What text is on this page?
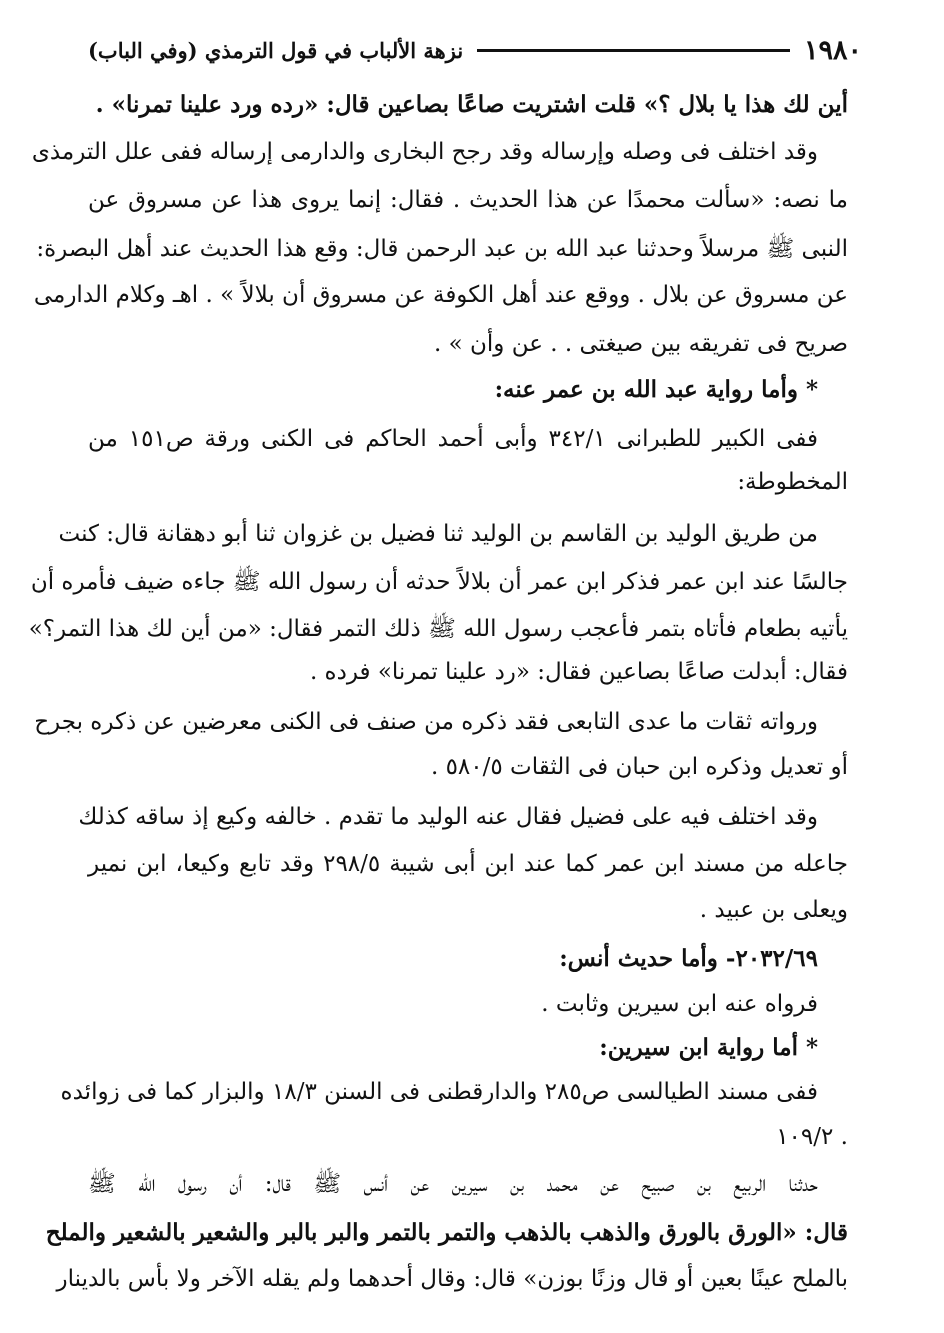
١٩٨٠
نزهة الألباب في قول الترمذي (وفي الباب)
أين لك هذا يا بلال ؟» قلت اشتريت صاعًا بصاعين قال: «رده ورد علينا تمرنا» .
وقد اختلف فى وصله وإرساله وقد رجح البخارى والدارمى إرساله ففى علل الترمذى
ما نصه: «سألت محمدًا عن هذا الحديث . فقال: إنما يروى هذا عن مسروق عن
النبى ﷺ مرسلاً وحدثنا عبد الله بن عبد الرحمن قال: وقع هذا الحديث عند أهل البصرة:
عن مسروق عن بلال . ووقع عند أهل الكوفة عن مسروق أن بلالاً » . اهـ وكلام الدارمى
صريح فى تفريقه بين صيغتى . . عن وأن » .
* وأما رواية عبد الله بن عمر عنه:
ففى الكبير للطبرانى ٣٤٢/١ وأبى أحمد الحاكم فى الكنى ورقة ص١٥١ من
المخطوطة:
من طريق الوليد بن القاسم بن الوليد ثنا فضيل بن غزوان ثنا أبو دهقانة قال: كنت
جالسًا عند ابن عمر فذكر ابن عمر أن بلالاً حدثه أن رسول الله ﷺ جاءه ضيف فأمره أن
يأتيه بطعام فأتاه بتمر فأعجب رسول الله ﷺ ذلك التمر فقال: «من أين لك هذا التمر؟»
فقال: أبدلت صاعًا بصاعين فقال: «رد علينا تمرنا» فرده .
ورواته ثقات ما عدى التابعى فقد ذكره من صنف فى الكنى معرضين عن ذكره بجرح
أو تعديل وذكره ابن حبان فى الثقات ٥٨٠/٥ .
وقد اختلف فيه على فضيل فقال عنه الوليد ما تقدم . خالفه وكيع إذ ساقه كذلك
جاعله من مسند ابن عمر كما عند ابن أبى شيبة ٢٩٨/٥ وقد تابع وكيعا، ابن نمير
ويعلى بن عبيد .
٢٠٣٢/٦٩- وأما حديث أنس:
فرواه عنه ابن سيرين وثابت .
* أما رواية ابن سيرين:
ففى مسند الطيالسى ص٢٨٥ والدارقطنى فى السنن ١٨/٣ والبزار كما فى زوائده
١٠٩/٢ .
حدثنا الربيع بن صبيح عن محمد بن سيرين عن أنس ﷺ قال: أن رسول الله ﷺ
قال: «الورق بالورق والذهب بالذهب والتمر بالتمر والبر بالبر والشعير بالشعير والملح
بالملح عينًا بعين أو قال وزنًا بوزن» قال: وقال أحدهما ولم يقله الآخر ولا بأس بالدينار
